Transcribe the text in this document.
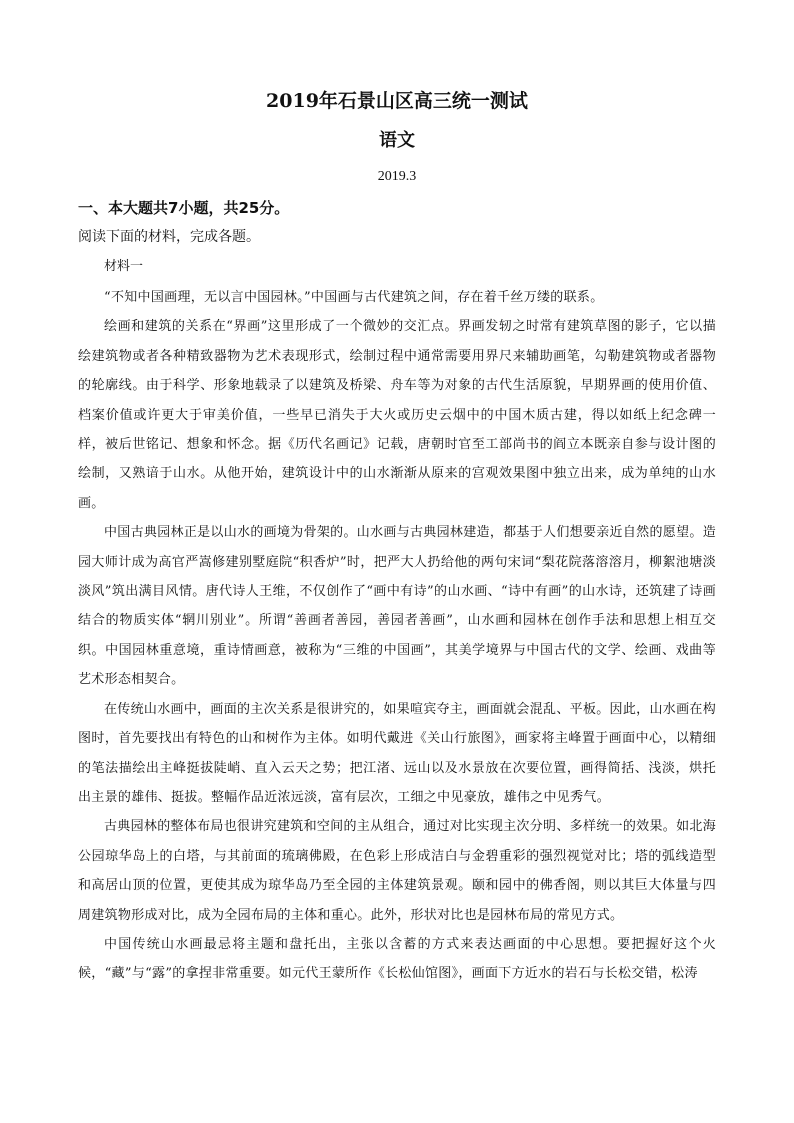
2019年石景山区高三统一测试
语文
2019.3
一、本大题共7小题，共25分。
阅读下面的材料，完成各题。
材料一

“不知中国画理，无以言中国园林。”中国画与古代建筑之间，存在着千丝万缕的联系。

绘画和建筑的关系在“界画”这里形成了一个微妙的交汇点。界画发轫之时常有建筑草图的影子，它以描绘建筑物或者各种精致器物为艺术表现形式，绘制过程中通常需要用界尺来辅助画笔，勾勒建筑物或者器物的轮廓线。由于科学、形象地载录了以建筑及桥梁、舟车等为对象的古代生活原貌，早期界画的使用价值、档案价值或许更大于审美价值，一些早已消失于大火或历史云烟中的中国木质古建，得以如纸上纪念碑一样，被后世铭记、想象和怀念。据《历代名画记》记载，唐朝时官至工部尚书的阎立本既亲自参与设计图的绘制，又熟谙于山水。从他开始，建筑设计中的山水渐渐从原来的宫观效果图中独立出来，成为单纯的山水画。

中国古典园林正是以山水的画境为骨架的。山水画与古典园林建造，都基于人们想要亲近自然的愿望。造园大师计成为高官严嵩修建别墅庭院“积香炉”时，把严大人扔给他的两句宋词“梨花院落溶溶月，柳絮池塘淡淡风”筑出满目风情。唐代诗人王维，不仅创作了“画中有诗”的山水画、“诗中有画”的山水诗，还筑建了诗画结合的物质实体“辋川别业”。所谓“善画者善园，善园者善画”，山水画和园林在创作手法和思想上相互交织。中国园林重意境，重诗情画意，被称为“三维的中国画”，其美学境界与中国古代的文学、绘画、戏曲等艺术形态相契合。

在传统山水画中，画面的主次关系是很讲究的，如果喧宾夺主，画面就会混乱、平板。因此，山水画在构图时，首先要找出有特色的山和树作为主体。如明代戴进《关山行旅图》，画家将主峰置于画面中心，以精细的笔法描绘出主峰挺拔陡峭、直入云天之势；把江渚、远山以及水景放在次要位置，画得简括、浅淡，烘托出主景的雄伟、挺拔。整幅作品近浓远淡，富有层次，工细之中见豪放，雄伟之中见秀气。

古典园林的整体布局也很讲究建筑和空间的主从组合，通过对比实现主次分明、多样统一的效果。如北海公园琼华岛上的白塔，与其前面的琉璃佛殿，在色彩上形成洁白与金碧重彩的强烈视觉对比；塔的弧线造型和高居山顶的位置，更使其成为琼华岛乃至全园的主体建筑景观。颐和园中的佛香阁，则以其巨大体量与四周建筑物形成对比，成为全园布局的主体和重心。此外，形状对比也是园林布局的常见方式。

中国传统山水画最忌将主题和盘托出，主张以含蓄的方式来表达画面的中心思想。要把握好这个火候，“藏”与“露”的拿捏非常重要。如元代王蒙所作《长松仙馆图》，画面下方近水的岩石与长松交错，松涛
